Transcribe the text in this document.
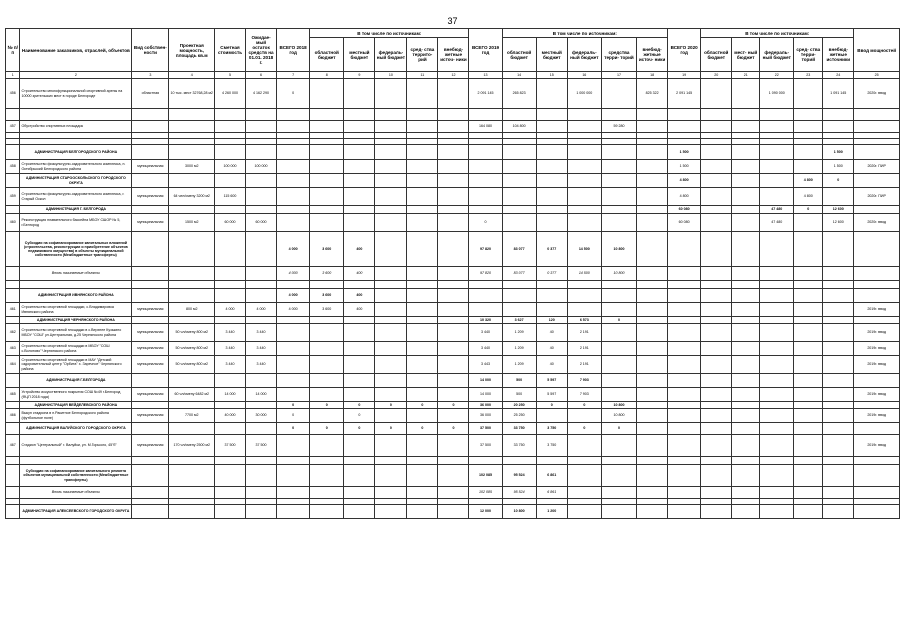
37
№ п/п	Наименование заказчиков, отраслей, объектов	Вид собствен- ности	Проектная мощность, площадь кв.м	Сметная стоимость	Ожидае- мый остаток средств на 01.01. 2018 г.	ВСЕГО 2018 год	В том числе по источникам:					ВСЕГО 2019 год	В том числе по источникам:					ВСЕГО 2020 год	В том числе по источникам:					Ввод мощностей
							областной бюджет	местный бюджет	федераль- ный бюджет	сред- ства террито- рий	внебюд- жетные источ- ники		областной бюджет	местный бюджет	федераль- ный бюджет	средства терри- торий	внебюд- жетные источ- ники		областной бюджет	мест- ный бюджет	федераль- ный бюджет	сред- ства терри- торий	внебюд- жетные источники	
1	2	3	4	5	6	7	8	9	10	11	12	13	14	15	16	17	18	19	20	21	22	23	24	25
456	Строительство многофункциональной спортивной арены на 10000 зрительских мест в городе Белгороде	областная	10 тыс. мест 32768,28 м2	4 260 000	4 162 290	0						2 091 145	265 823		1 000 000		825 322	2 091 145			1 090 000		1 091 145	2020г. ввод

457	Обустройство спортивных площадок											164 080	104 800			59 280								

	АДМИНИСТРАЦИЯ БЕЛГОРОДСКОГО РАЙОНА																	1 500					1 500	
458	Строительство физкультурно-оздоровительного комплекса, п. Октябрьский Белгородского района	муниципальная	3000 м2	100 000	100 000													1 500					1 500	2020г. ПИР
	АДМИНИСТРАЦИЯ СТАРООСКОЛЬСКОГО ГОРОДСКОГО ОКРУГА																	4 800				4 800	0	
459	Строительство физкультурно-оздоровительного комплекса, г. Старый Оскол	муниципальная	64 чел/смену 3200 м2	115 600														4 800				4 800		2020г. ПИР
	АДМИНИСТРАЦИЯ Г. БЕЛГОРОДА																	60 080			47 480	0	12 600	
460	Реконструкция плавательного бассейна МБОУ СШОР № 5, г.Белгород	муниципальная	1500 м2	60 000	60 000							0						60 080			47 480		12 600	2020г. ввод
	Субсидии на софинансирование капитальных вложений (строительства, реконструкции и приобретение объектов недвижимого имущества) в объекты муниципальной собственности (Межбюджетные трансферты)					4 000	3 600	400				97 820	83 077	0 377	14 500	10 800								
	Вновь начинаемые объекты					4 000	3 600	400				97 820	83 077	0 377	14 500	10 800								

	АДМИНИСТРАЦИЯ ИВНЯНСКОГО РАЙОНА					4 000	3 600	400																
461	Строительство спортивной площадки, с.Владимировка Ивнянского района	муниципальная	800 м2	4 000	4 000	4 000	3 600	400																2019г. ввод
	АДМИНИСТРАЦИЯ ЧЕРНЯНСКОГО РАЙОНА											10 320	3 627	120	6 573	0								
462	Строительство спортивной площадки в с.Верхнее Кузькино МБОУ "СОШ" ул.Центральная, д.25 Чернянского района	муниципальная	50 чл/смену 800 м2	3 440	3 440							3 440	1 209	40	2 191									2019г. ввод
463	Строительство спортивной площадки в МБОУ "СОШ с.Волотово" Чернянского района	муниципальная	50 чл/смену 800 м2	3 440	3 440							3 440	1 209	40	2 191									2019г. ввод
464	Строительство спортивной площадки в МАУ "Детский оздоровительный центр "Орбита" х. Заречное" Чернянского района	муниципальная	50 чл/смену 800 м2	3 440	3 440							3 443	1 209	40	2 191									2019г. ввод
	АДМИНИСТРАЦИЯ Г.БЕЛГОРОДА											14 000	500	5 597	7 903									
465	Устройство искусственного покрытия СОШ №49 г.Белгород (ФЦП 2018 года)	муниципальная	60 чл/смену 6482 м2	14 000	14 000							14 000	500	5 597	7 903									2019г. ввод
	АДМИНИСТРАЦИЯ ВЕЙДЕЛЕВСКОГО РАЙОНА					0	0	0	0	0	0	36 000	20 250	0	0	10 800								
466	Выкуп стадиона в п.Ракитное Белгородского района (футбольное поле)	муниципальная	7700 м2	40 000	30 000	0		0				36 000	25 250			10 800								2019г. ввод
	АДМИНИСТРАЦИЯ ВАЛУЙСКОГО ГОРОДСКОГО ОКРУГА					0	0	0	0	0	0	37 500	33 750	3 750	0	0								
467	Стадион "Центральный" г. Валуйки, ул. М.Горького, 45"б"	муниципальная	170 чл/смену 2500 м2	37 500	37 500							37 500	33 750	3 750										2019г. ввод

	Субсидии на софинансирование капитального ремонта объектов муниципальной собственности (Межбюджетные трансферты)											102 085	95 524	6 861										
	Вновь начинаемые объекты											102 085	95 524	6 861										

	АДМИНИСТРАЦИЯ АЛЕКСЕЕВСКОГО ГОРОДСКОГО ОКРУГА											12 000	10 800	1 200										
